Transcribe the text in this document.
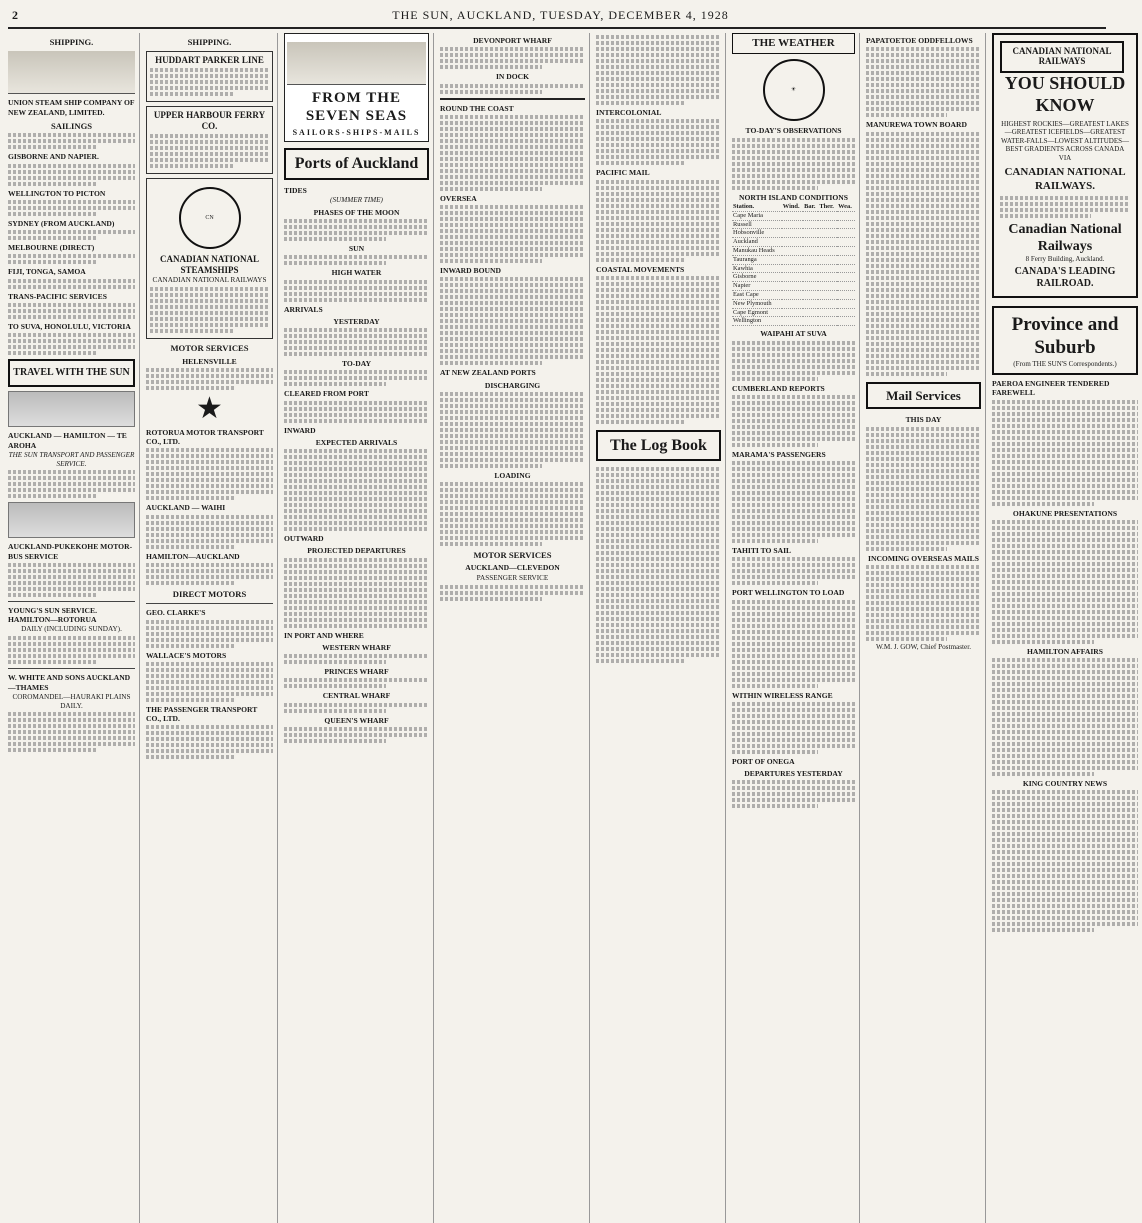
2	THE SUN, AUCKLAND, TUESDAY, DECEMBER 4, 1928
SHIPPING.
UNION STEAM SHIP COMPANY OF NEW ZEALAND, LIMITED.
SAILINGS
GISBORNE AND NAPIER.
WELLINGTON TO PICTON
SYDNEY (FROM AUCKLAND)
MELBOURNE (DIRECT)
FIJI, TONGA, SAMOA
TRANS-PACIFIC SERVICES
TO SUVA, HONOLULU, VICTORIA
TRAVEL WITH THE SUN
AUCKLAND — HAMILTON — TE AROHA
THE SUN TRANSPORT AND PASSENGER SERVICE.
AUCKLAND-PUKEKOHE MOTOR-BUS SERVICE
YOUNG'S SUN SERVICE. HAMILTON—ROTORUA
DAILY (INCLUDING SUNDAY).
W. WHITE AND SONS AUCKLAND—THAMES
COROMANDEL—HAURAKI PLAINS DAILY.
SHIPPING.
HUDDART PARKER LINE
UPPER HARBOUR FERRY CO.
CN
CANADIAN NATIONAL STEAMSHIPS
CANADIAN NATIONAL RAILWAYS
MOTOR SERVICES
HELENSVILLE
★
ROTORUA MOTOR TRANSPORT CO., LTD.
AUCKLAND — WAIHI
HAMILTON—AUCKLAND
DIRECT MOTORS
GEO. CLARKE'S
WALLACE'S MOTORS
THE PASSENGER TRANSPORT CO., LTD.
FROM THE SEVEN SEAS
SAILORS-SHIPS-MAILS
Ports of Auckland
TIDES
(SUMMER TIME)
PHASES OF THE MOON
SUN
HIGH WATER
ARRIVALS
YESTERDAY
TO-DAY
CLEARED FROM PORT
INWARD
EXPECTED ARRIVALS
OUTWARD
PROJECTED DEPARTURES
IN PORT AND WHERE
WESTERN WHARF
PRINCES WHARF
CENTRAL WHARF
QUEEN'S WHARF
DEVONPORT WHARF
IN DOCK
ROUND THE COAST
OVERSEA
INWARD BOUND
AT NEW ZEALAND PORTS
DISCHARGING
LOADING
MOTOR SERVICES
AUCKLAND—CLEVEDON
PASSENGER SERVICE
INTERCOLONIAL
PACIFIC MAIL
COASTAL MOVEMENTS
The Log Book
THE WEATHER
☀
TO-DAY'S OBSERVATIONS
NORTH ISLAND CONDITIONS
Station.	Wind.	Bar.	Ther.	Wea.
Cape Maria				
Russell				
Hobsonville				
Auckland				
Manukau Heads				
Tauranga				
Kawhia				
Gisborne				
Napier				
East Cape				
New Plymouth				
Cape Egmont				
Wellington				
WAIPAHI AT SUVA
CUMBERLAND REPORTS
MARAMA'S PASSENGERS
TAHITI TO SAIL
PORT WELLINGTON TO LOAD
WITHIN WIRELESS RANGE
PORT OF ONEGA
DEPARTURES YESTERDAY
PAPATOETOE ODDFELLOWS
MANUREWA TOWN BOARD
Mail Services
THIS DAY
INCOMING OVERSEAS MAILS
W.M. J. GOW, Chief Postmaster.
CANADIAN NATIONAL RAILWAYS
YOU SHOULD KNOW
HIGHEST ROCKIES—GREATEST LAKES—GREATEST ICEFIELDS—GREATEST WATER-FALLS—LOWEST ALTITUDES—BEST GRADIENTS ACROSS CANADA VIA
CANADIAN NATIONAL RAILWAYS.
Canadian National Railways
8 Ferry Building, Auckland.
CANADA'S LEADING RAILROAD.
Province and Suburb
(From THE SUN'S Correspondents.)
PAEROA ENGINEER TENDERED FAREWELL
OHAKUNE PRESENTATIONS
HAMILTON AFFAIRS
KING COUNTRY NEWS
